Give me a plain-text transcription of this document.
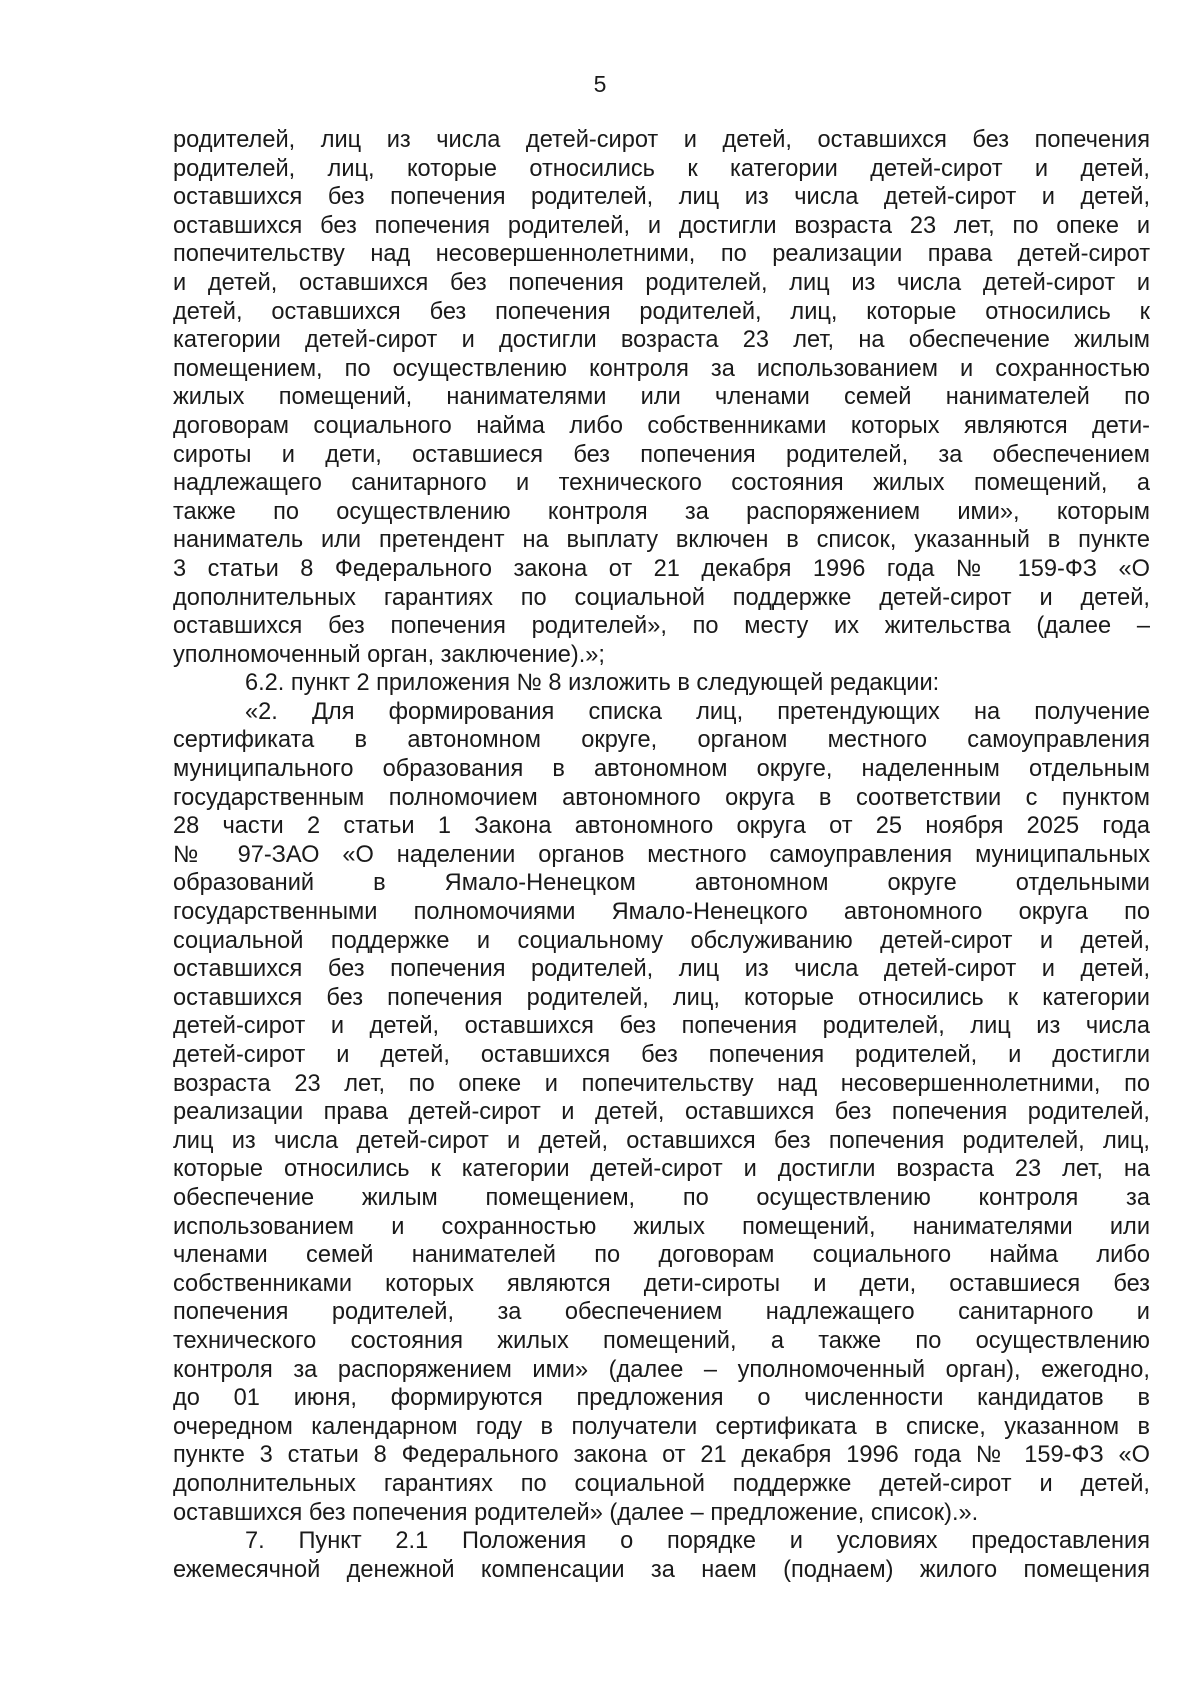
5
родителей, лиц из числа детей-сирот и детей, оставшихся без попечения
родителей, лиц, которые относились к категории детей-сирот и детей,
оставшихся без попечения родителей, лиц из числа детей-сирот и детей,
оставшихся без попечения родителей, и достигли возраста 23 лет, по опеке и
попечительству над несовершеннолетними, по реализации права детей-сирот
и детей, оставшихся без попечения родителей, лиц из числа детей-сирот и
детей, оставшихся без попечения родителей, лиц, которые относились к
категории детей-сирот и достигли возраста 23 лет, на обеспечение жилым
помещением, по осуществлению контроля за использованием и сохранностью
жилых помещений, нанимателями или членами семей нанимателей по
договорам социального найма либо собственниками которых являются дети-
сироты и дети, оставшиеся без попечения родителей, за обеспечением
надлежащего санитарного и технического состояния жилых помещений, а
также по осуществлению контроля за распоряжением ими», которым
наниматель или претендент на выплату включен в список, указанный в пункте
3 статьи 8 Федерального закона от 21 декабря 1996 года № 159-ФЗ «О
дополнительных гарантиях по социальной поддержке детей-сирот и детей,
оставшихся без попечения родителей», по месту их жительства (далее –
уполномоченный орган, заключение).»;
6.2. пункт 2 приложения № 8 изложить в следующей редакции:
«2. Для формирования списка лиц, претендующих на получение
сертификата в автономном округе, органом местного самоуправления
муниципального образования в автономном округе, наделенным отдельным
государственным полномочием автономного округа в соответствии с пунктом
28 части 2 статьи 1 Закона автономного округа от 25 ноября 2025 года
№ 97-ЗАО «О наделении органов местного самоуправления муниципальных
образований в Ямало-Ненецком автономном округе отдельными
государственными полномочиями Ямало-Ненецкого автономного округа по
социальной поддержке и социальному обслуживанию детей-сирот и детей,
оставшихся без попечения родителей, лиц из числа детей-сирот и детей,
оставшихся без попечения родителей, лиц, которые относились к категории
детей-сирот и детей, оставшихся без попечения родителей, лиц из числа
детей-сирот и детей, оставшихся без попечения родителей, и достигли
возраста 23 лет, по опеке и попечительству над несовершеннолетними, по
реализации права детей-сирот и детей, оставшихся без попечения родителей,
лиц из числа детей-сирот и детей, оставшихся без попечения родителей, лиц,
которые относились к категории детей-сирот и достигли возраста 23 лет, на
обеспечение жилым помещением, по осуществлению контроля за
использованием и сохранностью жилых помещений, нанимателями или
членами семей нанимателей по договорам социального найма либо
собственниками которых являются дети-сироты и дети, оставшиеся без
попечения родителей, за обеспечением надлежащего санитарного и
технического состояния жилых помещений, а также по осуществлению
контроля за распоряжением ими» (далее – уполномоченный орган), ежегодно,
до 01 июня, формируются предложения о численности кандидатов в
очередном календарном году в получатели сертификата в списке, указанном в
пункте 3 статьи 8 Федерального закона от 21 декабря 1996 года № 159-ФЗ «О
дополнительных гарантиях по социальной поддержке детей-сирот и детей,
оставшихся без попечения родителей» (далее – предложение, список).».
7. Пункт 2.1 Положения о порядке и условиях предоставления
ежемесячной денежной компенсации за наем (поднаем) жилого помещения
